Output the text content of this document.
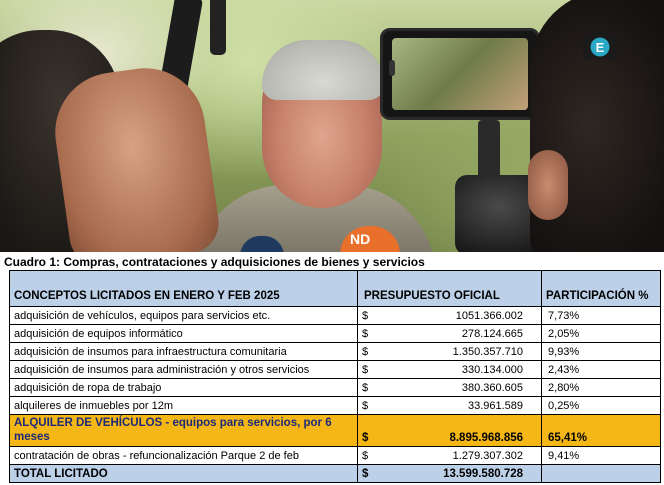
ND
E
Cuadro 1: Compras, contrataciones y adquisiciones de bienes y servicios
CONCEPTOS LICITADOS EN ENERO Y FEB 2025	PRESUPUESTO OFICIAL		PARTICIPACIÓN %
adquisición de vehículos, equipos para servicios etc.	$	1051.366.002	7,73%
adquisición de equipos informático	$	278.124.665	2,05%
adquisición de insumos para infraestructura comunitaria	$	1.350.357.710	9,93%
adquisición de insumos para administración y otros servicios	$	330.134.000	2,43%
adquisición de ropa de trabajo	$	380.360.605	2,80%
alquileres de inmuebles por 12m	$	33.961.589	0,25%
ALQUILER DE VEHÍCULOS - equipos para servicios, por 6 meses	$	8.895.968.856	65,41%
contratación de obras - refuncionalización Parque 2 de feb	$	1.279.307.302	9,41%
TOTAL LICITADO	$	13.599.580.728	
